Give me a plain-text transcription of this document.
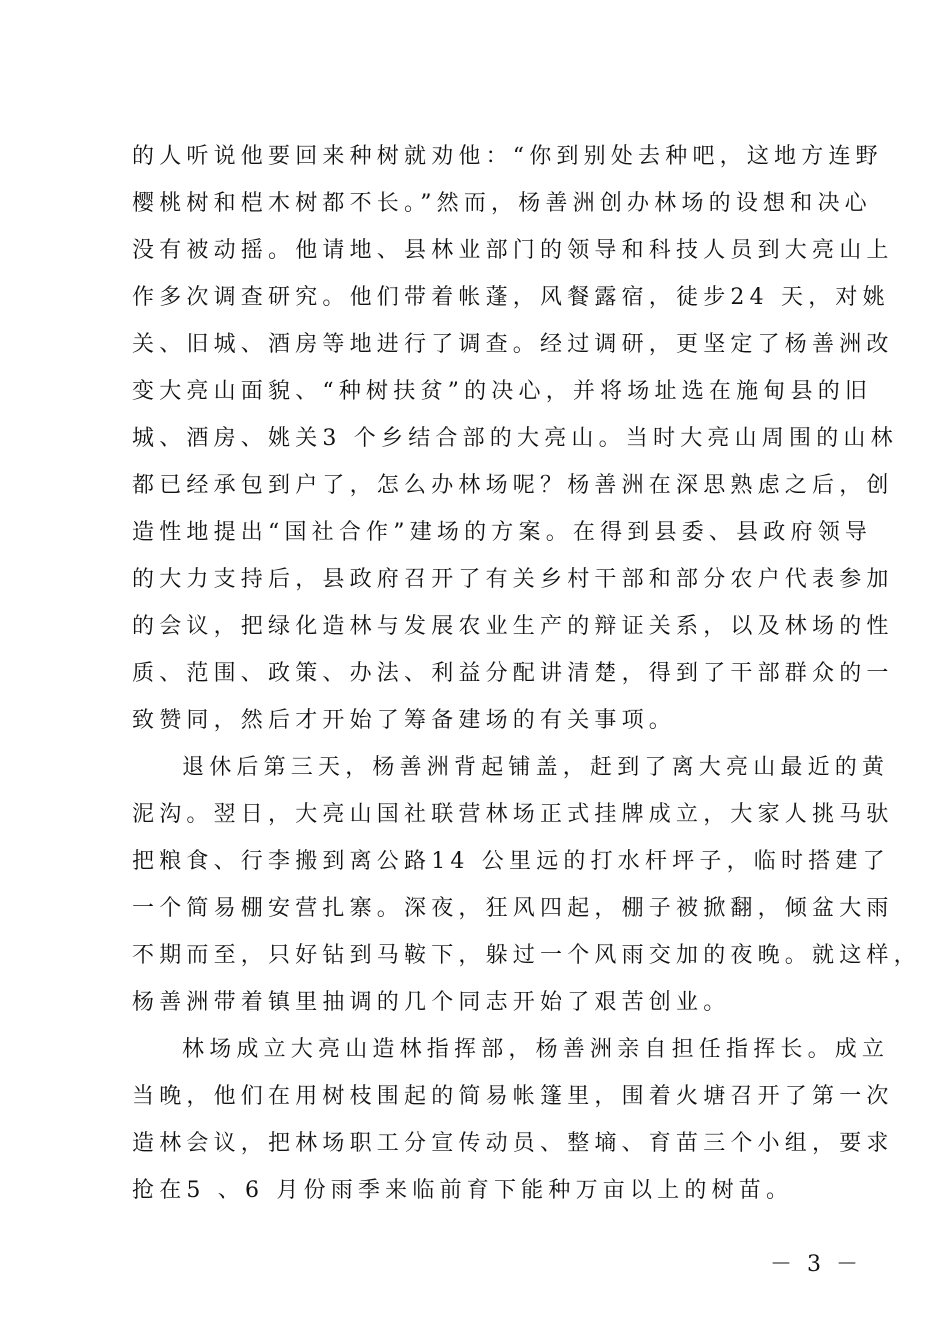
的人听说他要回来种树就劝他：“你到别处去种吧，这地方连野
樱桃树和桤木树都不长。”然而，杨善洲创办林场的设想和决心
没有被动摇。他请地、县林业部门的领导和科技人员到大亮山上
作多次调查研究。他们带着帐蓬，风餐露宿，徒步24 天，对姚
关、旧城、酒房等地进行了调查。经过调研，更坚定了杨善洲改
变大亮山面貌、“种树扶贫”的决心，并将场址选在施甸县的旧
城、酒房、姚关3 个乡结合部的大亮山。当时大亮山周围的山林
都已经承包到户了，怎么办林场呢？杨善洲在深思熟虑之后，创
造性地提出“国社合作”建场的方案。在得到县委、县政府领导
的大力支持后，县政府召开了有关乡村干部和部分农户代表参加
的会议，把绿化造林与发展农业生产的辩证关系，以及林场的性
质、范围、政策、办法、利益分配讲清楚，得到了干部群众的一
致赞同，然后才开始了筹备建场的有关事项。
退休后第三天，杨善洲背起铺盖，赶到了离大亮山最近的黄
泥沟。翌日，大亮山国社联营林场正式挂牌成立，大家人挑马驮
把粮食、行李搬到离公路14 公里远的打水杆坪子，临时搭建了
一个简易棚安营扎寨。深夜，狂风四起，棚子被掀翻，倾盆大雨
不期而至，只好钻到马鞍下，躲过一个风雨交加的夜晚。就这样，
杨善洲带着镇里抽调的几个同志开始了艰苦创业。
林场成立大亮山造林指挥部，杨善洲亲自担任指挥长。成立
当晚，他们在用树枝围起的简易帐篷里，围着火塘召开了第一次
造林会议，把林场职工分宣传动员、整墒、育苗三个小组，要求
抢在5 、6 月份雨季来临前育下能种万亩以上的树苗。
－ 3 －
